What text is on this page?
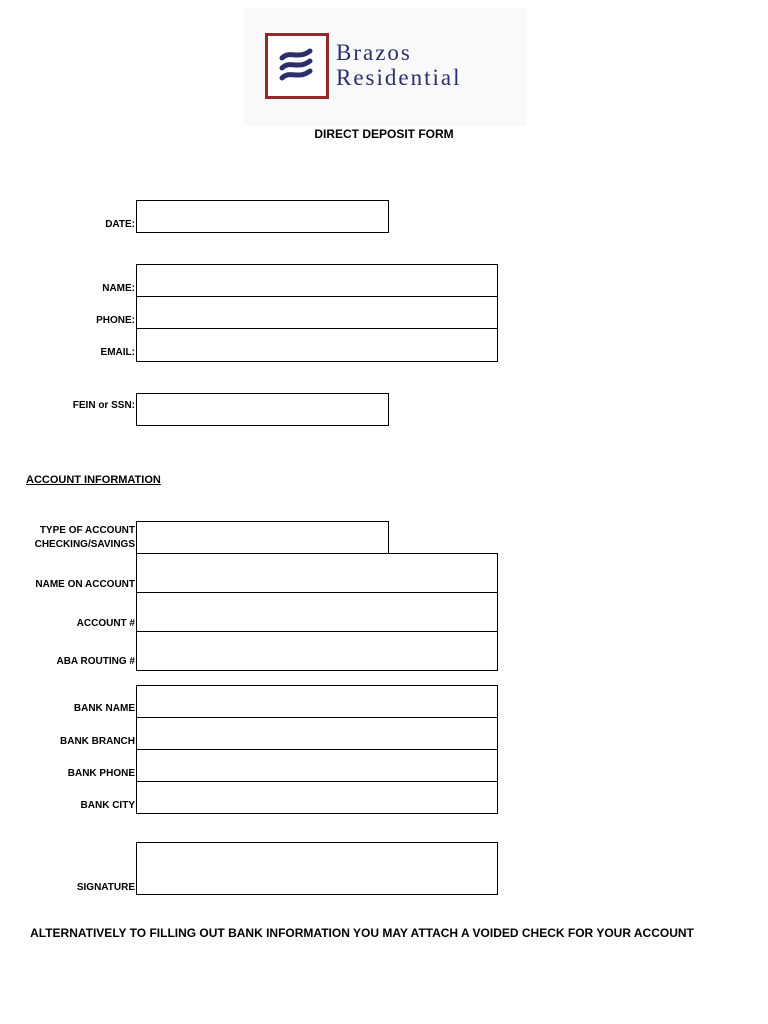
Brazos
Residential
DIRECT DEPOSIT FORM
DATE:
NAME:
PHONE:
EMAIL:
FEIN or SSN:
ACCOUNT INFORMATION
TYPE OF ACCOUNT
CHECKING/SAVINGS
NAME ON ACCOUNT
ACCOUNT #
ABA ROUTING #
BANK NAME
BANK BRANCH
BANK PHONE
BANK CITY
SIGNATURE
ALTERNATIVELY TO FILLING OUT BANK INFORMATION YOU MAY ATTACH A VOIDED CHECK FOR YOUR ACCOUNT
